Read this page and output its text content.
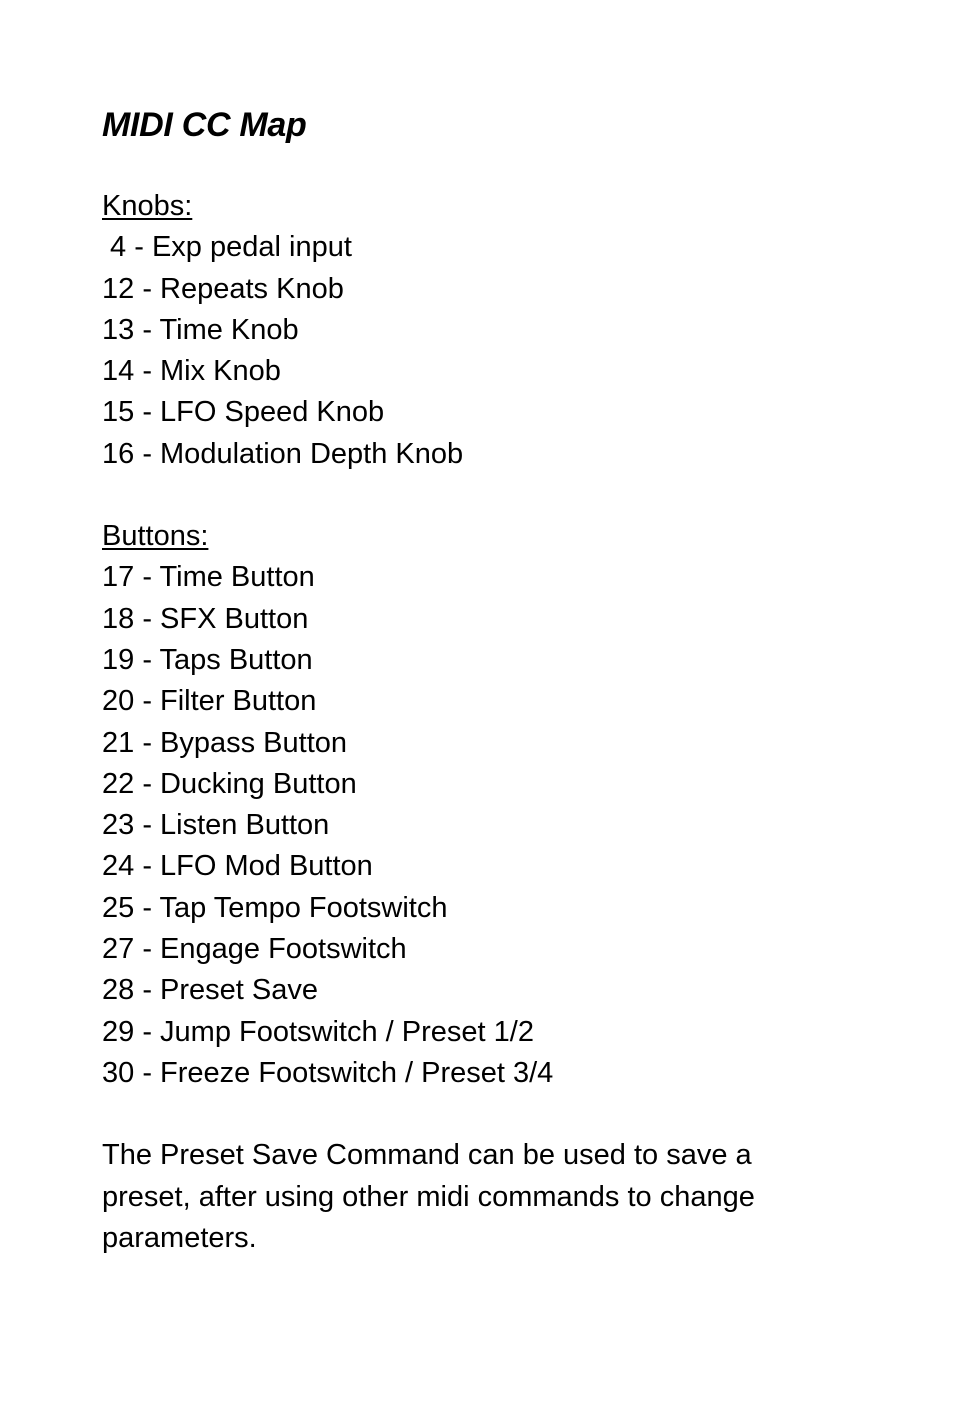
MIDI CC Map

Knobs:

4 - Exp pedal input
12 - Repeats Knob
13 - Time Knob
14 - Mix Knob
15 - LFO Speed Knob
16 - Modulation Depth Knob

Buttons:

17 - Time Button
18 - SFX Button
19 - Taps Button
20 - Filter Button
21 - Bypass Button
22 - Ducking Button
23 - Listen Button
24 - LFO Mod Button
25 - Tap Tempo Footswitch
27 - Engage Footswitch
28 - Preset Save
29 - Jump Footswitch / Preset 1/2
30 - Freeze Footswitch / Preset 3/4

The Preset Save Command can be used to save a preset, after using other midi commands to change parameters.
